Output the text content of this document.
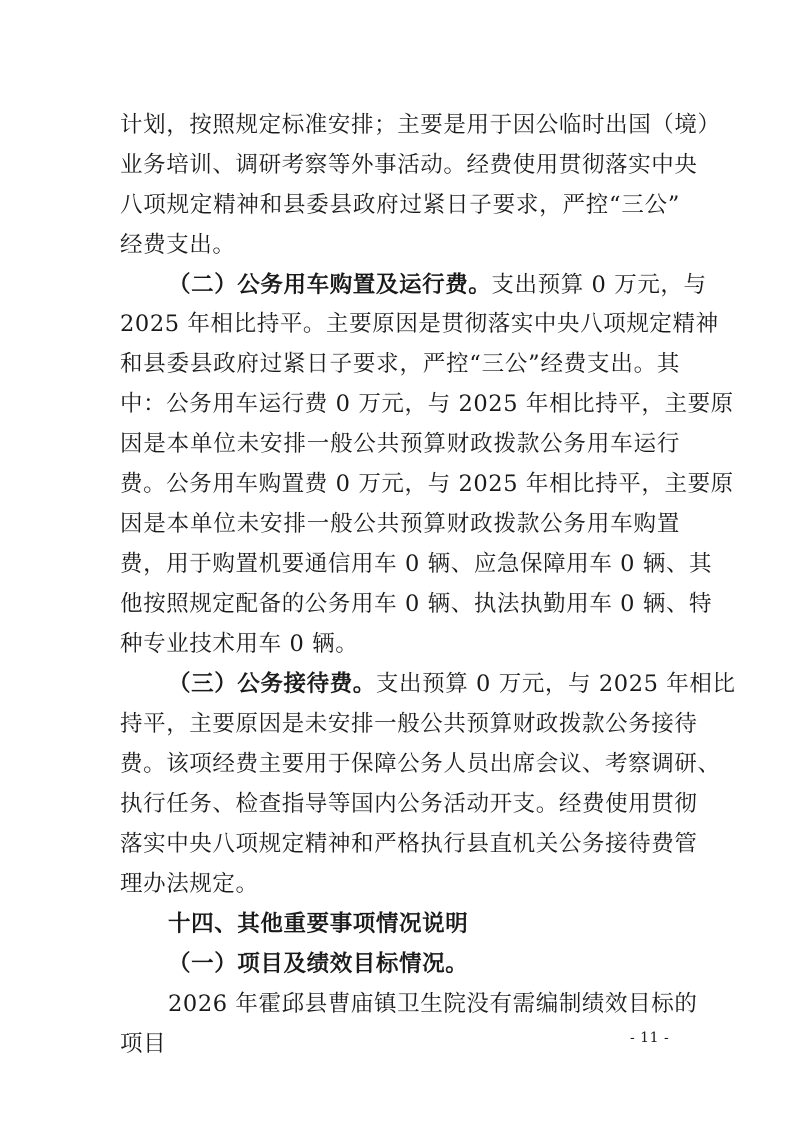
计划，按照规定标准安排；主要是用于因公临时出国（境）
业务培训、调研考察等外事活动。经费使用贯彻落实中央
八项规定精神和县委县政府过紧日子要求，严控“三公”
经费支出。
（二）公务用车购置及运行费。支出预算 0 万元，与
2025 年相比持平。主要原因是贯彻落实中央八项规定精神
和县委县政府过紧日子要求，严控“三公”经费支出。其
中：公务用车运行费 0 万元，与 2025 年相比持平，主要原
因是本单位未安排一般公共预算财政拨款公务用车运行
费。公务用车购置费 0 万元，与 2025 年相比持平，主要原
因是本单位未安排一般公共预算财政拨款公务用车购置
费，用于购置机要通信用车 0 辆、应急保障用车 0 辆、其
他按照规定配备的公务用车 0 辆、执法执勤用车 0 辆、特
种专业技术用车 0 辆。
（三）公务接待费。支出预算 0 万元，与 2025 年相比
持平，主要原因是未安排一般公共预算财政拨款公务接待
费。该项经费主要用于保障公务人员出席会议、考察调研、
执行任务、检查指导等国内公务活动开支。经费使用贯彻
落实中央八项规定精神和严格执行县直机关公务接待费管
理办法规定。
十四、其他重要事项情况说明
（一）项目及绩效目标情况。
2026 年霍邱县曹庙镇卫生院没有需编制绩效目标的
项目	- 11 -
